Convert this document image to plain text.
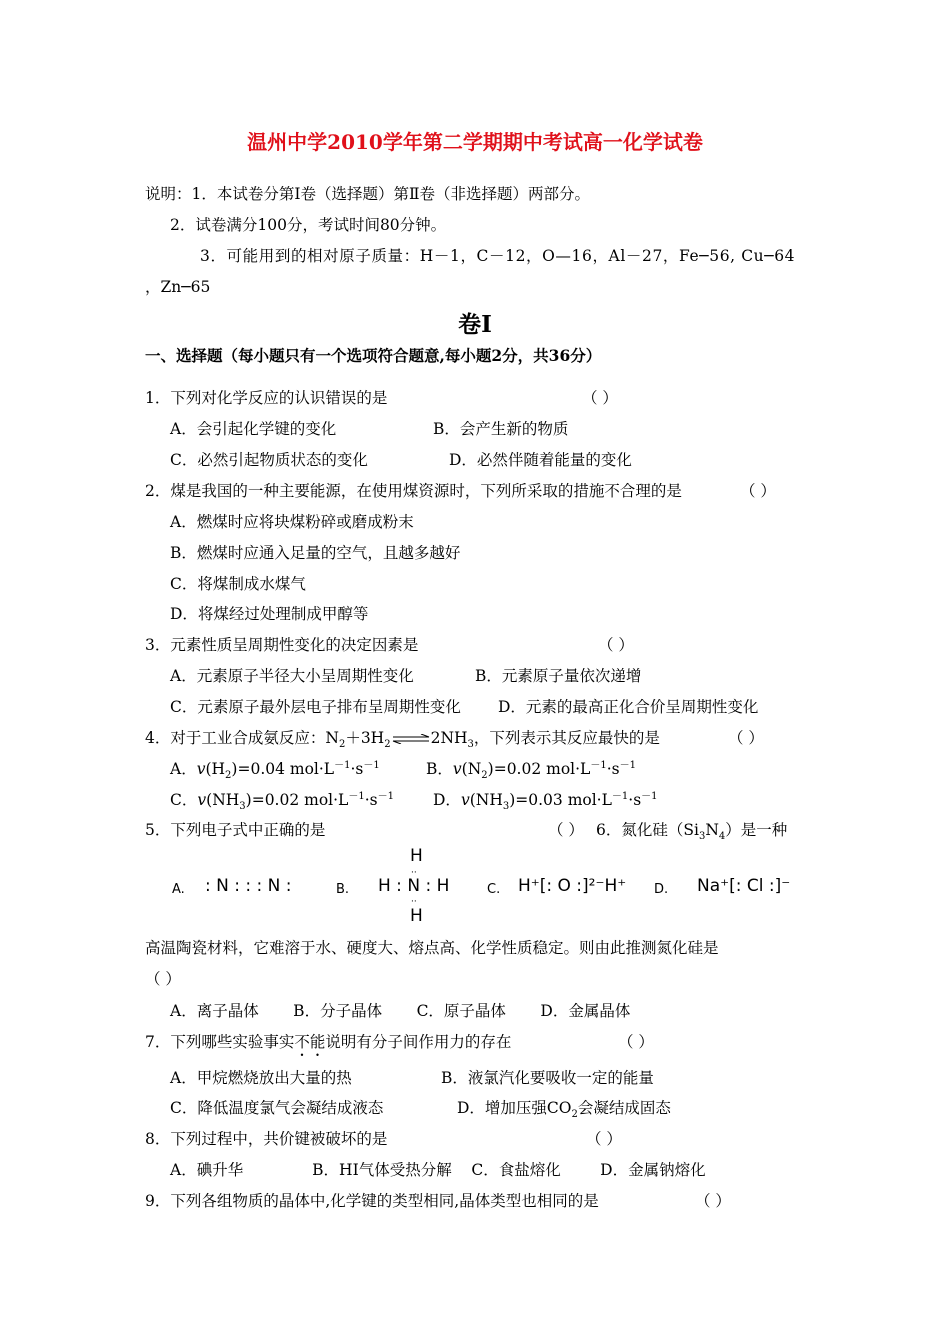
温州中学2010学年第二学期期中考试高一化学试卷
说明：1．本试卷分第Ⅰ卷（选择题）第Ⅱ卷（非选择题）两部分。
2．试卷满分100分，考试时间80分钟。
3．可能用到的相对原子质量：H－1，C－12，O—16，Al－27，Fe─56, Cu─64
，Zn─65
卷Ⅰ
一、选择题（每小题只有一个选项符合题意,每小题2分，共36分）
1．下列对化学反应的认识错误的是	（ ）
A．会引起化学键的变化	B．会产生新的物质
C．必然引起物质状态的变化	D．必然伴随着能量的变化
2．煤是我国的一种主要能源，在使用煤资源时，下列所采取的措施不合理的是	（ ）
A．燃煤时应将块煤粉碎或磨成粉末
B．燃煤时应通入足量的空气，且越多越好
C．将煤制成水煤气
D．将煤经过处理制成甲醇等
3．元素性质呈周期性变化的决定因素是	（ ）
A．元素原子半径大小呈周期性变化	B．元素原子量依次递增
C．元素原子最外层电子排布呈周期性变化 D．元素的最高正化合价呈周期性变化
4．对于工业合成氨反应：$N_2+3H_2$ $\rightleftharpoons 2NH_3$，下列表示其反应最快的是	（ ）
A．$v(H_2)=0.04$ $mol\cdot L^{-1}\cdot s^{-1}$	B．$v(N_2)=0.02$ $mol\cdot L^{-1}\cdot s^{-1}$
C．$v(NH_3)=0.02$ $mol\cdot L^{-1}\cdot s^{-1}$	D．$v(NH_3)=0.03$ $mol\cdot L^{-1}\cdot s^{-1}$
5．下列电子式中正确的是	（ ） 6．氮化硅$(Si_3N_4)$是一种
A. : N : : : N :	B.
H
H : N : H
H
··
··
C. H⁺[: O :]²⁻H⁺ D. Na⁺[: Cl :]⁻
高温陶瓷材料，它难溶于水、硬度大、熔点高、化学性质稳定。则由此推测氮化硅是
（ ）
A．离子晶体       B．分子晶体       C．原子晶体       D．金属晶体
7．下列哪些实验事实不能说明有分子间作用力的存在	（ ）
A．甲烷燃烧放出大量的热	B．液氯汽化要吸收一定的能量
C．降低温度氯气会凝结成液态	D．增加压强$CO_2$会凝结成固态
8．下列过程中，共价键被破坏的是	（ ）
A．碘升华              B．HI气体受热分解    C．食盐熔化        D．金属钠熔化
9．下列各组物质的晶体中,化学键的类型相同,晶体类型也相同的是	（ ）
